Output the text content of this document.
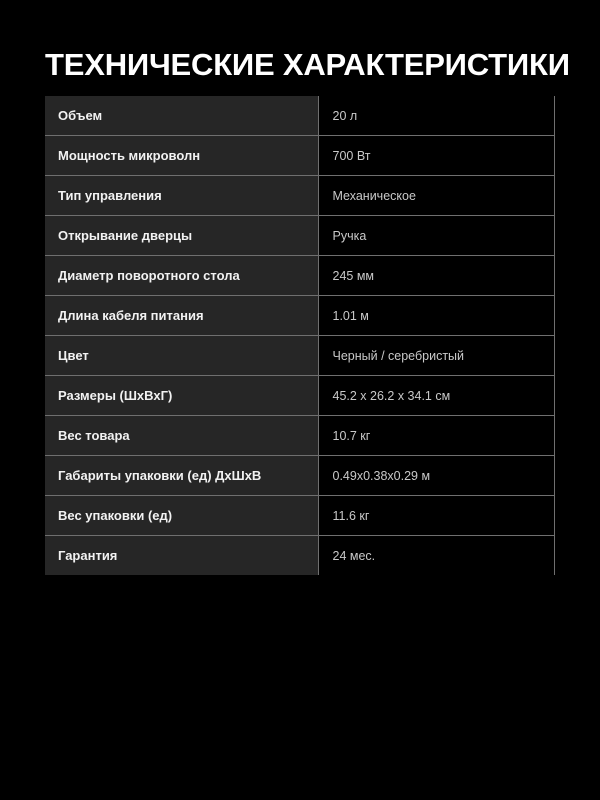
ТЕХНИЧЕСКИЕ ХАРАКТЕРИСТИКИ
Объем	20 л

Мощность микроволн	700 Вт

Тип управления	Механическое

Открывание дверцы	Ручка

Диаметр поворотного стола	245 мм

Длина кабеля питания	1.01 м

Цвет	Черный / серебристый

Размеры (ШхВхГ)	45.2 x 26.2 x 34.1 см

Вес товара	10.7 кг

Габариты упаковки (ед) ДхШхВ	0.49x0.38x0.29 м

Вес упаковки (ед)	11.6 кг

Гарантия	24 мес.
